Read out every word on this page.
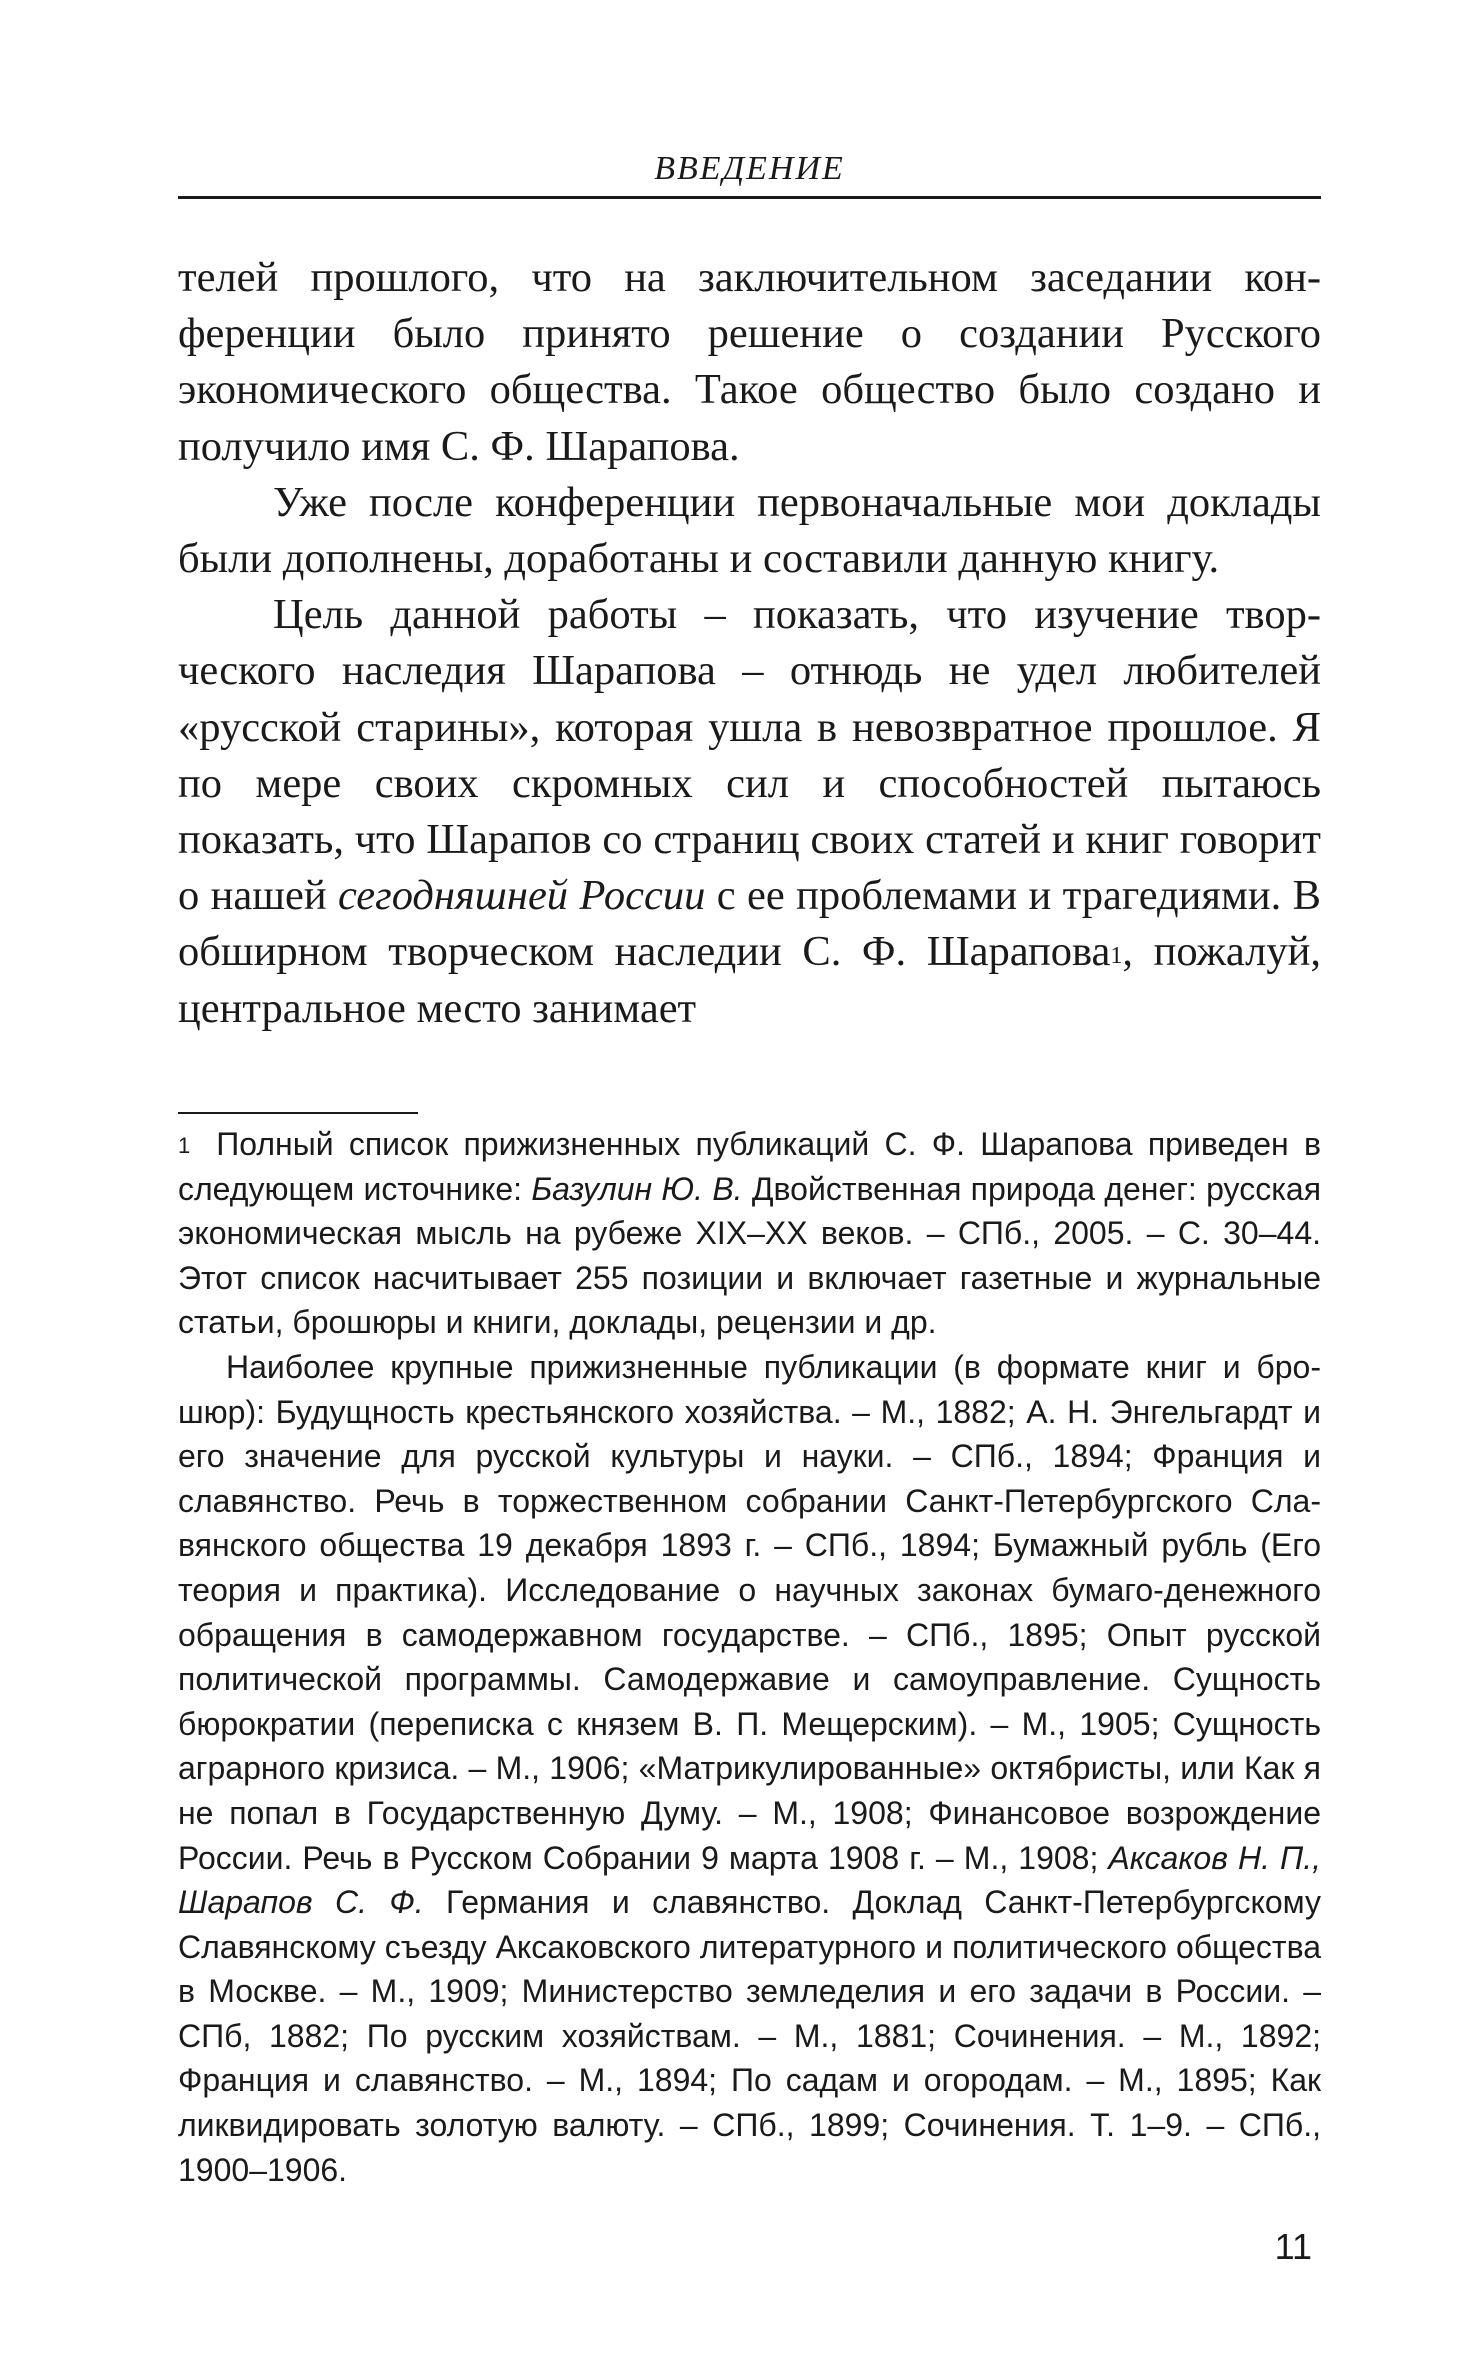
ВВЕДЕНИЕ

телей прошлого, что на заключительном заседании конференции было принято решение о создании Русского экономического общества. Такое общество было создано и получило имя С. Ф. Шарапова.

Уже после конференции первоначальные мои доклады были дополнены, доработаны и составили данную книгу.

Цель данной работы – показать, что изучение творческого наследия Шарапова – отнюдь не удел любителей «русской старины», которая ушла в невозвратное прошлое. Я по мере своих скромных сил и способностей пытаюсь показать, что Шарапов со страниц своих статей и книг говорит о нашей сегодняшней России с ее проблемами и трагедиями. В обширном творческом наследии С. Ф. Шарапова$^1$, пожалуй, центральное место занимает

$^1$ Полный список прижизненных публикаций С. Ф. Шарапова приведен в следующем источнике: Базулин Ю. В. Двойственная природа денег: русская экономическая мысль на рубеже XIX–XX веков. – СПб., 2005. – С. 30–44. Этот список насчитывает 255 позиции и включает газетные и журнальные статьи, брошюры и книги, доклады, рецензии и др.

Наиболее крупные прижизненные публикации (в формате книг и брошюр): Будущность крестьянского хозяйства. – М., 1882; А. Н. Энгельгардт и его значение для русской культуры и науки. – СПб., 1894; Франция и славянство. Речь в торжественном собрании Санкт-Петербургского Славянского общества 19 декабря 1893 г. – СПб., 1894; Бумажный рубль (Его теория и практика). Исследование о научных законах бумаго-денежного обращения в самодержавном государстве. – СПб., 1895; Опыт русской политической программы. Самодержавие и самоуправление. Сущность бюрократии (переписка с князем В. П. Мещерским). – М., 1905; Сущность аграрного кризиса. – М., 1906; «Матрикулированные» октябристы, или Как я не попал в Государственную Думу. – М., 1908; Финансовое возрождение России. Речь в Русском Собрании 9 марта 1908 г. – М., 1908; Аксаков Н. П., Шарапов С. Ф. Германия и славянство. Доклад Санкт-Петербургскому Славянскому съезду Аксаковского литературного и политического общества в Москве. – М., 1909; Министерство земледелия и его задачи в России. – СПб, 1882; По русским хозяйствам. – М., 1881; Сочинения. – М., 1892; Франция и славянство. – М., 1894; По садам и огородам. – М., 1895; Как ликвидировать золотую валюту. – СПб., 1899; Сочинения. Т. 1–9. – СПб., 1900–1906.

11
